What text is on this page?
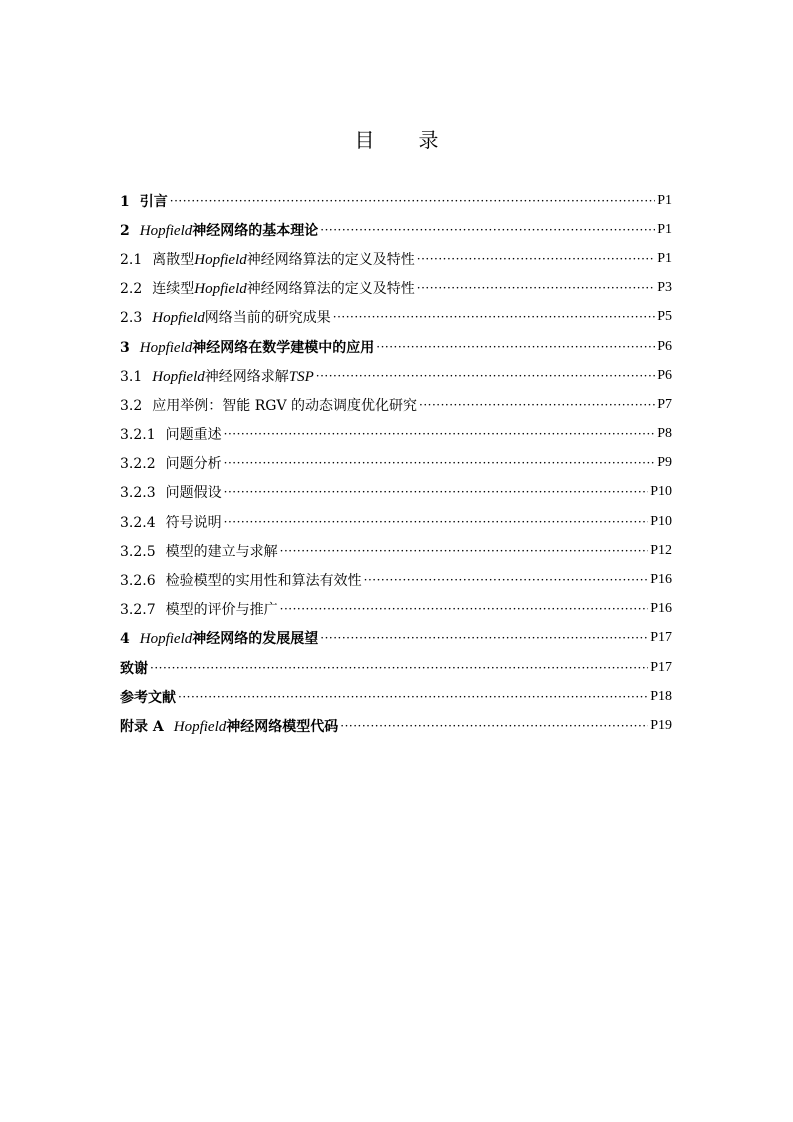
目 录
1 引言 ·····	P1
2 Hopfield神经网络的基本理论 ·····	P1
2.1 离散型Hopfield神经网络算法的定义及特性 ·····	P1
2.2 连续型Hopfield神经网络算法的定义及特性 ·····	P3
2.3 Hopfield网络当前的研究成果 ·····	P5
3 Hopfield神经网络在数学建模中的应用 ·····	P6
3.1 Hopfield神经网络求解TSP ·····	P6
3.2 应用举例：智能 RGV 的动态调度优化研究 ·····	P7
3.2.1 问题重述 ·····	P8
3.2.2 问题分析 ·····	P9
3.2.3 问题假设 ·····	P10
3.2.4 符号说明 ·····	P10
3.2.5 模型的建立与求解 ·····	P12
3.2.6 检验模型的实用性和算法有效性 ·····	P16
3.2.7 模型的评价与推广 ·····	P16
4 Hopfield神经网络的发展展望 ·····	P17
致谢 ·····	P17
参考文献 ·····	P18
附录 A Hopfield神经网络模型代码 ·····	P19
